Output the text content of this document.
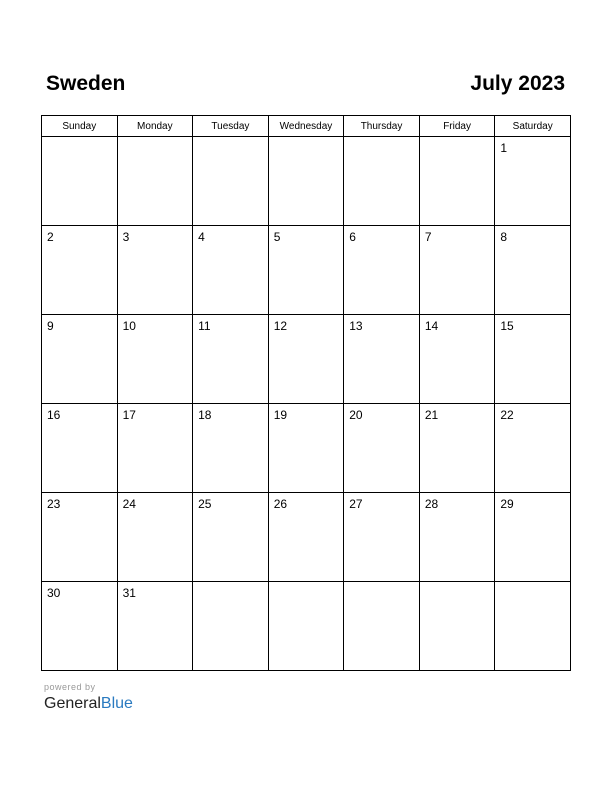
Sweden	July 2023
Sunday	Monday	Tuesday	Wednesday	Thursday	Friday	Saturday

						1

2	3	4	5	6	7	8

9	10	11	12	13	14	15

16	17	18	19	20	21	22

23	24	25	26	27	28	29

30	31					

powered by
GeneralBlue
